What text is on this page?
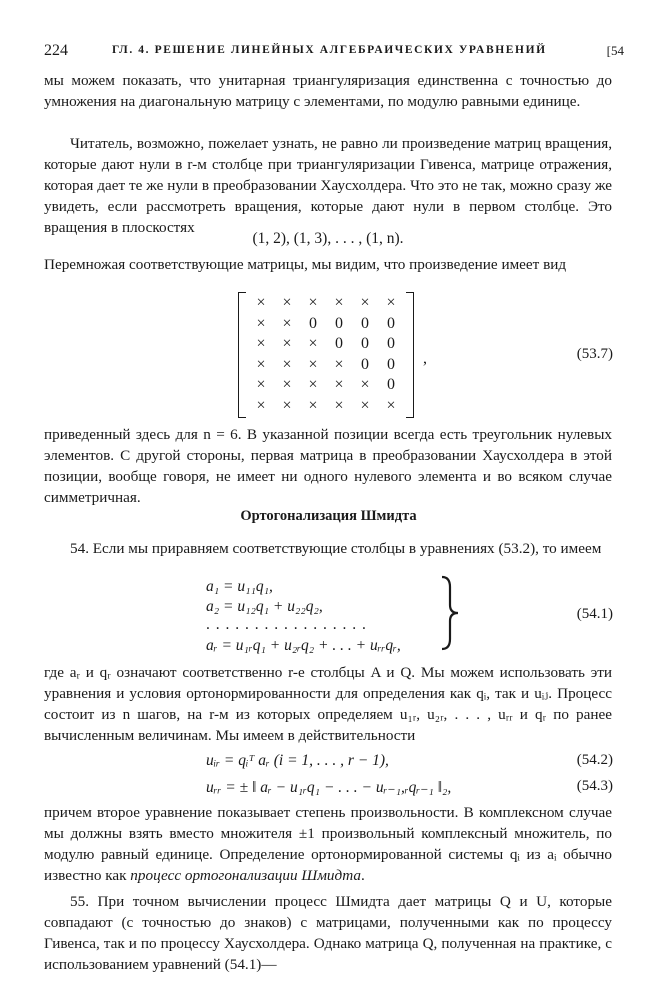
224	ГЛ. 4. РЕШЕНИЕ ЛИНЕЙНЫХ АЛГЕБРАИЧЕСКИХ УРАВНЕНИЙ	[54

мы можем показать, что унитарная триангуляризация единственна с точностью до умножения на диагональную матрицу с элементами, по модулю равными единице.

Читатель, возможно, пожелает узнать, не равно ли произведение матриц вращения, которые дают нули в r-м столбце при триангуляризации Гивенса, матрице отражения, которая дает те же нули в преобразовании Хаусхолдера. Что это не так, можно сразу же увидеть, если рассмотреть вращения, которые дают нули в первом столбце. Это вращения в плоскостях

(1, 2), (1, 3), . . . , (1, n).

Перемножая соответствующие матрицы, мы видим, что произведение имеет вид

×	×	×	×	×	×
×	×	0	0	0	0
×	×	×	0	0	0
×	×	×	×	0	0
×	×	×	×	×	0
×	×	×	×	×	×
,	(53.7)

приведенный здесь для n = 6. В указанной позиции всегда есть треугольник нулевых элементов. С другой стороны, первая матрица в преобразовании Хаусхолдера в этой позиции, вообще говоря, не имеет ни одного нулевого элемента и во всяком случае симметричная.

Ортогонализация Шмидта

54. Если мы приравняем соответствующие столбцы в уравнениях (53.2), то имеем

a₁ = u₁₁q₁,
a₂ = u₁₂q₁ + u₂₂q₂,
. . . . . . . . . . . . . . . . .
aᵣ = u₁ᵣq₁ + u₂ᵣq₂ + . . . + uᵣᵣqᵣ,
(54.1)

где aᵣ и qᵣ означают соответственно r-е столбцы A и Q. Мы можем использовать эти уравнения и условия ортонормированности для определения как qᵢ, так и uᵢⱼ. Процесс состоит из n шагов, на r-м из которых определяем u₁ᵣ, u₂ᵣ, . . . , uᵣᵣ и qᵣ по ранее вычисленным величинам. Мы имеем в действительности

uᵢᵣ = qᵢᵀ aᵣ (i = 1, . . . , r − 1),	(54.2)
uᵣᵣ = ± ‖ aᵣ − u₁ᵣq₁ − . . . − uᵣ₋₁,ᵣqᵣ₋₁ ‖₂,	(54.3)

причем второе уравнение показывает степень произвольности. В комплексном случае мы должны взять вместо множителя ±1 произвольный комплексный множитель, по модулю равный единице. Определение ортонормированной системы qᵢ из aᵢ обычно известно как процесс ортогонализации Шмидта.

55. При точном вычислении процесс Шмидта дает матрицы Q и U, которые совпадают (с точностью до знаков) с матрицами, полученными как по процессу Гивенса, так и по процессу Хаусхолдера. Однако матрица Q, полученная на практике, с использованием уравнений (54.1)—
